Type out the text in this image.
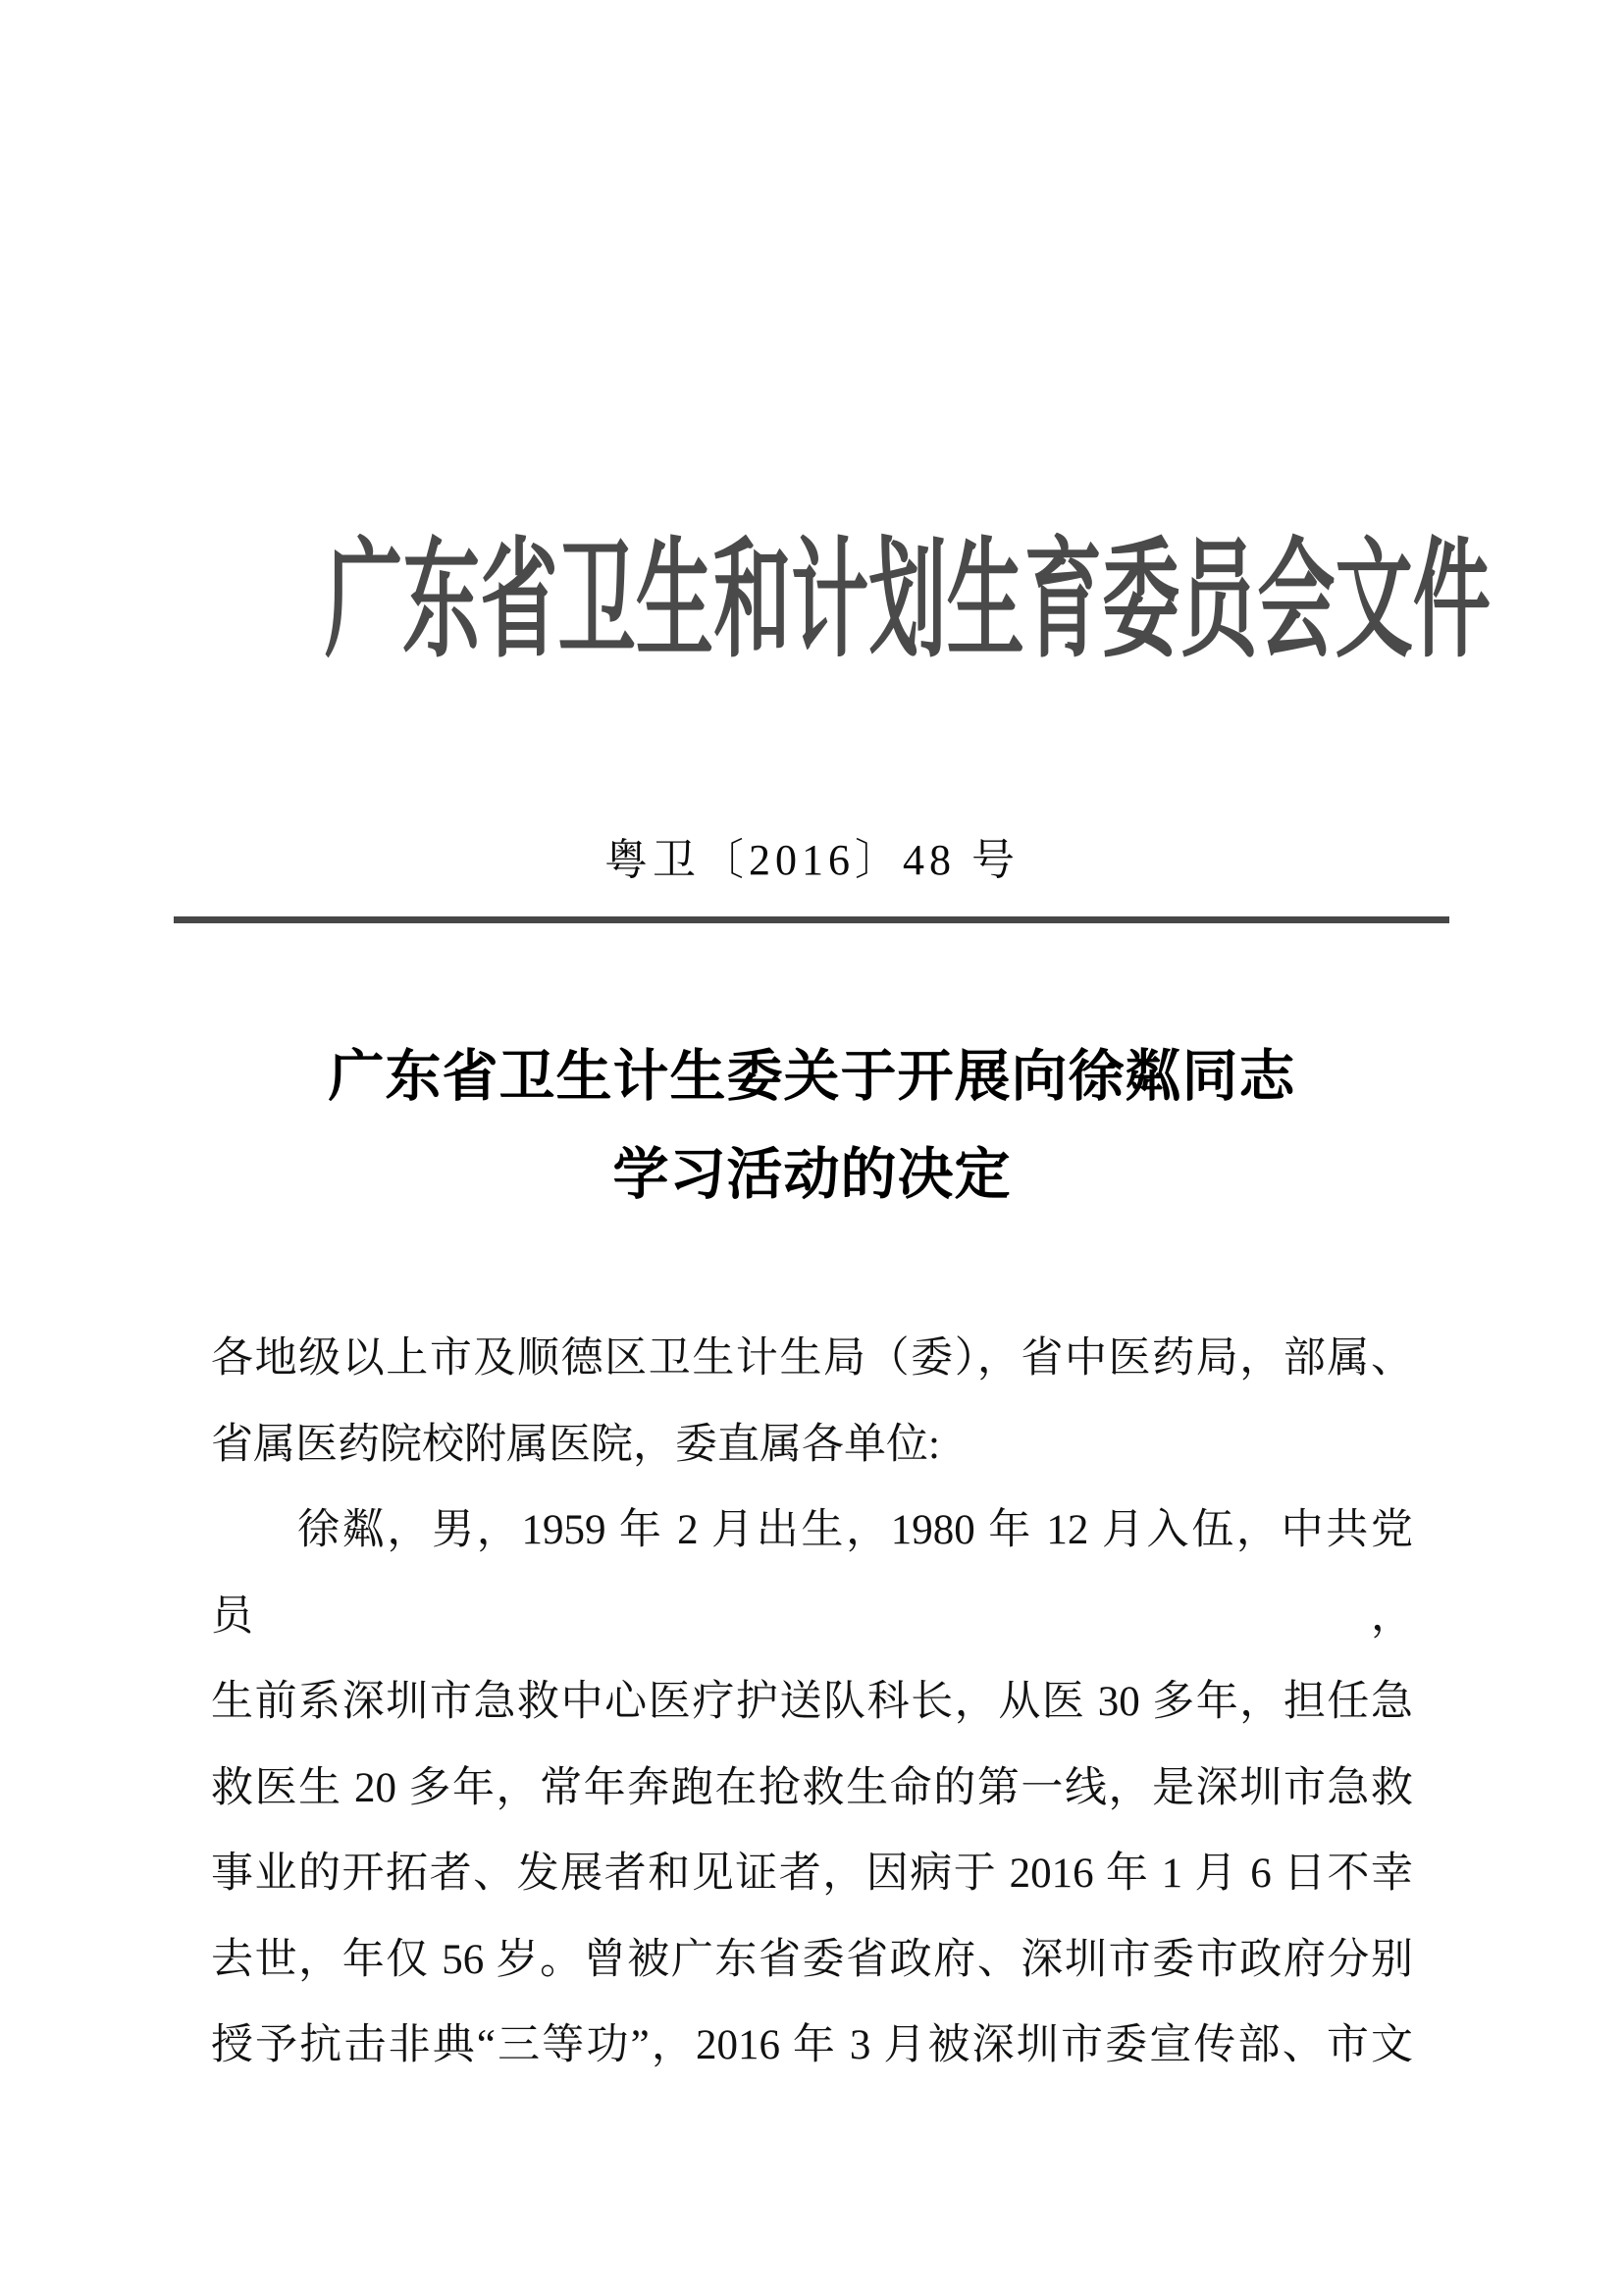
广东省卫生和计划生育委员会文件
粤卫〔2016〕48 号
广东省卫生计生委关于开展向徐粼同志
学习活动的决定
各地级以上市及顺德区卫生计生局（委），省中医药局，部属、
省属医药院校附属医院，委直属各单位:
徐粼，男，1959 年 2 月出生，1980 年 12 月入伍，中共党员，
生前系深圳市急救中心医疗护送队科长，从医 30 多年，担任急
救医生 20 多年，常年奔跑在抢救生命的第一线，是深圳市急救
事业的开拓者、发展者和见证者，因病于 2016 年 1 月 6 日不幸
去世，年仅 56 岁。曾被广东省委省政府、深圳市委市政府分别
授予抗击非典“三等功”，2016 年 3 月被深圳市委宣传部、市文
